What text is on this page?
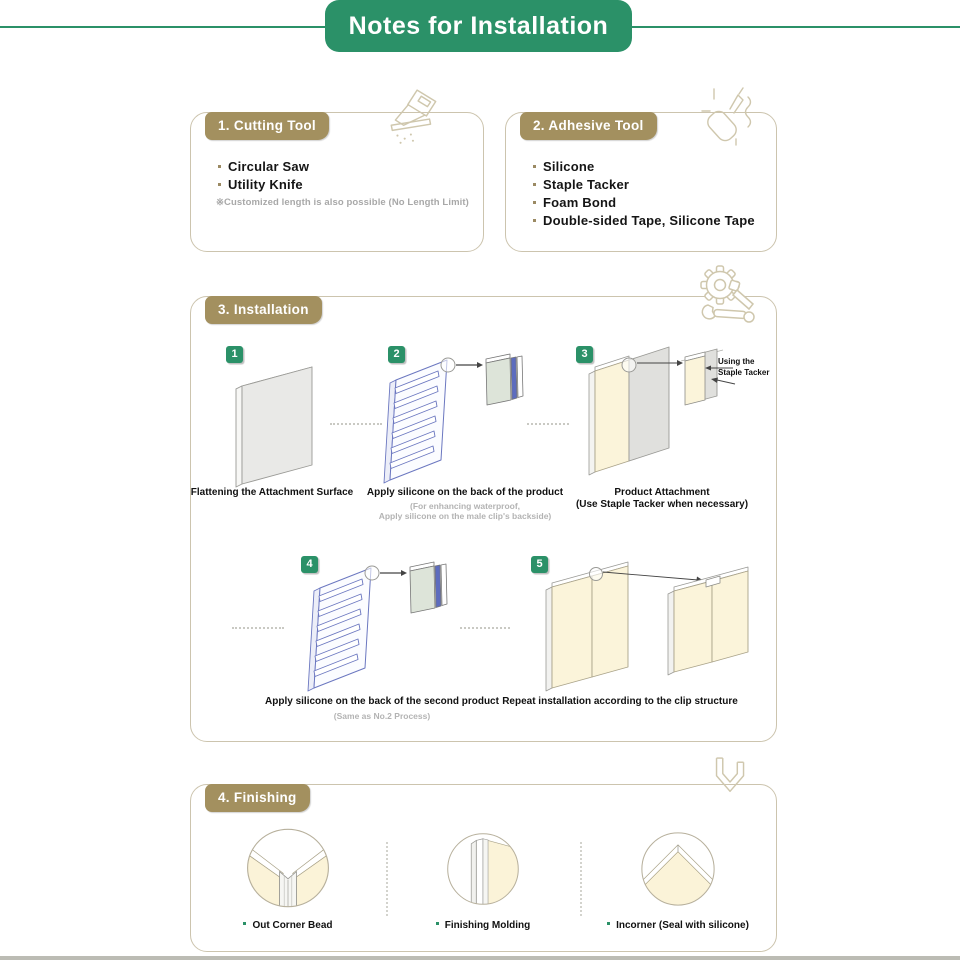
Notes for Installation
1. Cutting Tool
Circular Saw
Utility Knife
※Customized length is also possible (No Length Limit)
2. Adhesive Tool
Silicone
Staple Tacker
Foam Bond
Double-sided Tape, Silicone Tape
3. Installation
1	2	3
4	5
Using the
Staple Tacker
Flattening the Attachment Surface	Apply silicone on the back of the product
(For enhancing waterproof,
Apply silicone on the male clip's backside)
Product Attachment
(Use Staple Tacker when necessary)
Apply silicone on the back of the second product
(Same as No.2 Process)
Repeat installation according to the clip structure
4. Finishing
Out Corner Bead	Finishing Molding	Incorner (Seal with silicone)
